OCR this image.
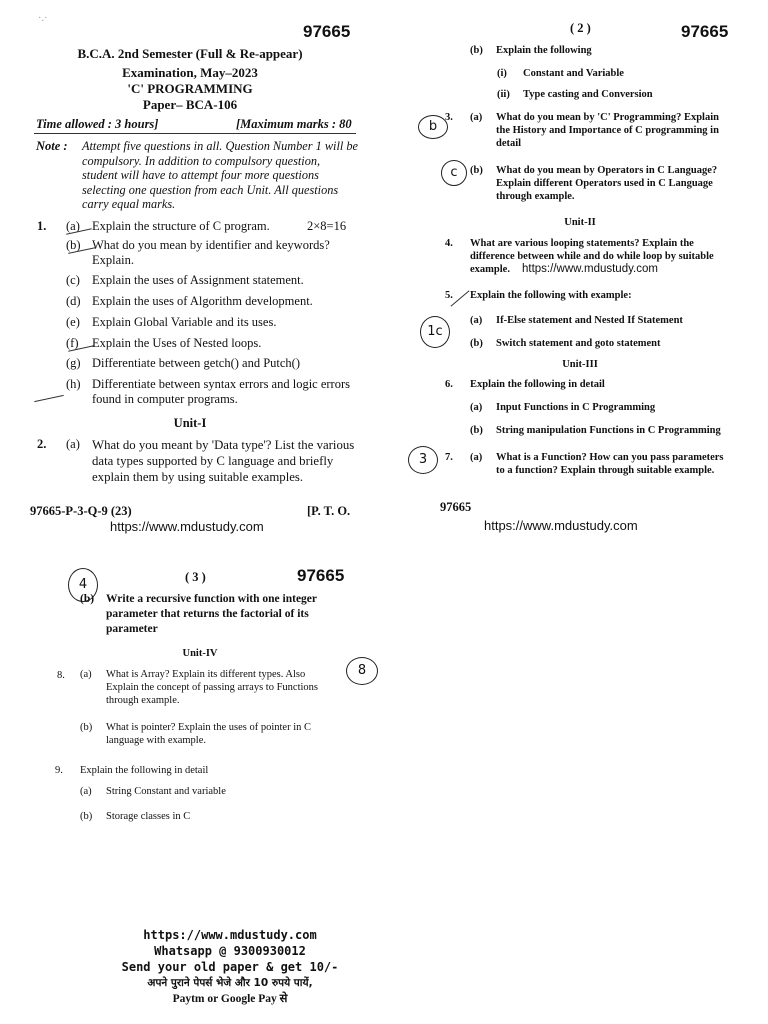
·.·
97665
B.C.A. 2nd Semester (Full & Re-appear)
Examination, May–2023
'C' PROGRAMMING
Paper– BCA-106
Time allowed : 3 hours]	[Maximum marks : 80
Note : Attempt five questions in all. Question Number 1 will be compulsory. In addition to compulsory question, student will have to attempt four more questions selecting one question from each Unit. All questions carry equal marks.
1.	2×8=16
(a) Explain the structure of C program.
(b) What do you mean by identifier and keywords? Explain.
(c) Explain the uses of Assignment statement.
(d) Explain the uses of Algorithm development.
(e) Explain Global Variable and its uses.
(f)	Explain the Uses of Nested loops.
(g) Differentiate between getch() and Putch()
(h) Differentiate between syntax errors and logic errors found in computer programs.
Unit-I
2. (a) What do you meant by 'Data type'? List the various data types supported by C language and briefly explain them by using suitable examples.
97665-P-3-Q-9 (23)	[P. T. O.
https://www.mdustudy.com
( 2 )	97665
(b)	Explain the following
(i)	Constant and Variable
(ii)	Type casting and Conversion
3. (a)	What do you mean by 'C' Programming? Explain the History and Importance of C programming in detail
(b)	What do you mean by Operators in C Language? Explain different Operators used in C Language through example.
Unit-II
4. What are various looping statements? Explain the difference between while and do while loop by suitable example.	https://www.mdustudy.com
5. Explain the following with example:
(a)	If-Else statement and Nested If Statement
(b)	Switch statement and goto statement
Unit-III
6. Explain the following in detail
(a)	Input Functions in C Programming
(b)	String manipulation Functions in C Programming
7. (a)	What is a Function? How can you pass parameters to a function? Explain through suitable example.
97665
https://www.mdustudy.com
b
c
1c
3
( 3 )	97665
(b)	Write a recursive function with one integer parameter that returns the factorial of its parameter
Unit-IV
8. (a)	What is Array? Explain its different types. Also Explain the concept of passing arrays to Functions through example.
(b)	What is pointer? Explain the uses of pointer in C language with example.
9. Explain the following in detail
(a)	String Constant and variable
(b)	Storage classes in C
4
8
https://www.mdustudy.com
Whatsapp @ 9300930012
Send your old paper & get 10/-
अपने पुराने पेपर्स भेजे और 10 रुपये पायें,
Paytm or Google Pay से
